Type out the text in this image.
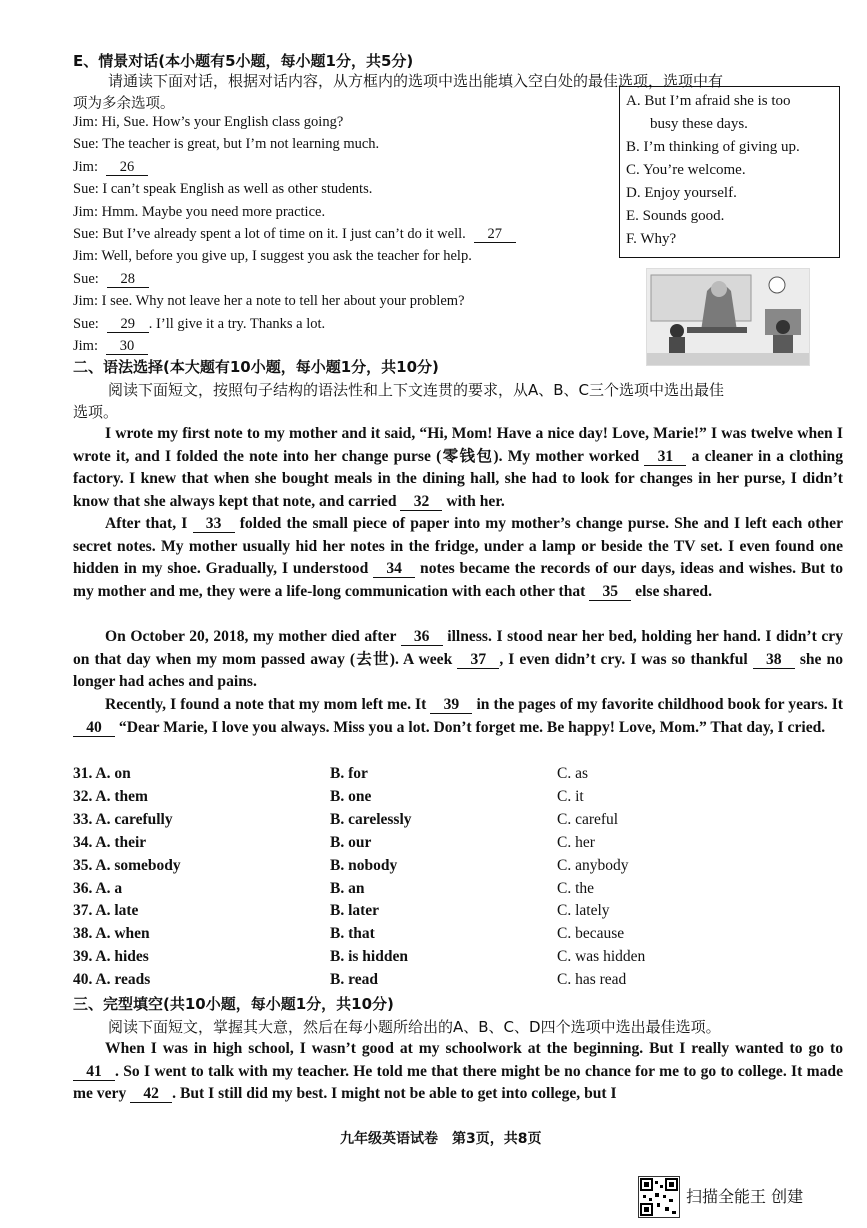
E、情景对话(本小题有5小题，每小题1分，共5分)
请通读下面对话，根据对话内容，从方框内的选项中选出能填入空白处的最佳选项，选项中有
项为多余选项。
Jim: Hi, Sue. How’s your English class going?
Sue: The teacher is great, but I’m not learning much.
Jim: 26
Sue: I can’t speak English as well as other students.
Jim: Hmm. Maybe you need more practice.
Sue: But I’ve already spent a lot of time on it. I just can’t do it well. 27
Jim: Well, before you give up, I suggest you ask the teacher for help.
Sue: 28
Jim: I see. Why not leave her a note to tell her about your problem?
Sue: 29 . I’ll give it a try. Thanks a lot.
Jim: 30
A. But I’m afraid she is too
busy these days.
B. I’m thinking of giving up.
C. You’re welcome.
D. Enjoy yourself.
E. Sounds good.
F. Why?
二、语法选择(本大题有10小题，每小题1分，共10分)
阅读下面短文，按照句子结构的语法性和上下文连贯的要求，从A、B、C三个选项中选出最佳
选项。
I wrote my first note to my mother and it said, “Hi, Mom! Have a nice day! Love, Marie!” I was twelve when I wrote it, and I folded the note into her change purse (零钱包). My mother worked 31 a cleaner in a clothing factory. I knew that when she bought meals in the dining hall, she had to look for changes in her purse, I didn’t know that she always kept that note, and carried 32 with her.
After that, I 33 folded the small piece of paper into my mother’s change purse. She and I left each other secret notes. My mother usually hid her notes in the fridge, under a lamp or beside the TV set. I even found one hidden in my shoe. Gradually, I understood 34 notes became the records of our days, ideas and wishes. But to my mother and me, they were a life-long communication with each other that 35 else shared.
On October 20, 2018, my mother died after 36 illness. I stood near her bed, holding her hand. I didn’t cry on that day when my mom passed away (去世). A week 37 , I even didn’t cry. I was so thankful 38 she no longer had aches and pains.
Recently, I found a note that my mom left me. It 39 in the pages of my favorite childhood book for years. It 40 “Dear Marie, I love you always. Miss you a lot. Don’t forget me. Be happy! Love, Mom.” That day, I cried.
31. A. on	B. for	C. as
32. A. them	B. one	C. it
33. A. carefully	B. carelessly	C. careful
34. A. their	B. our	C. her
35. A. somebody	B. nobody	C. anybody
36. A. a	B. an	C. the
37. A. late	B. later	C. lately
38. A. when	B. that	C. because
39. A. hides	B. is hidden	C. was hidden
40. A. reads	B. read	C. has read
三、完型填空(共10小题，每小题1分，共10分)
阅读下面短文，掌握其大意，然后在每小题所给出的A、B、C、D四个选项中选出最佳选项。
When I was in high school, I wasn’t good at my schoolwork at the beginning. But I really wanted to go to 41 . So I went to talk with my teacher. He told me that there might be no chance for me to go to college. It made me very 42 . But I still did my best. I might not be able to get into college, but I
九年级英语试卷　第3页，共8页
扫描全能王 创建
